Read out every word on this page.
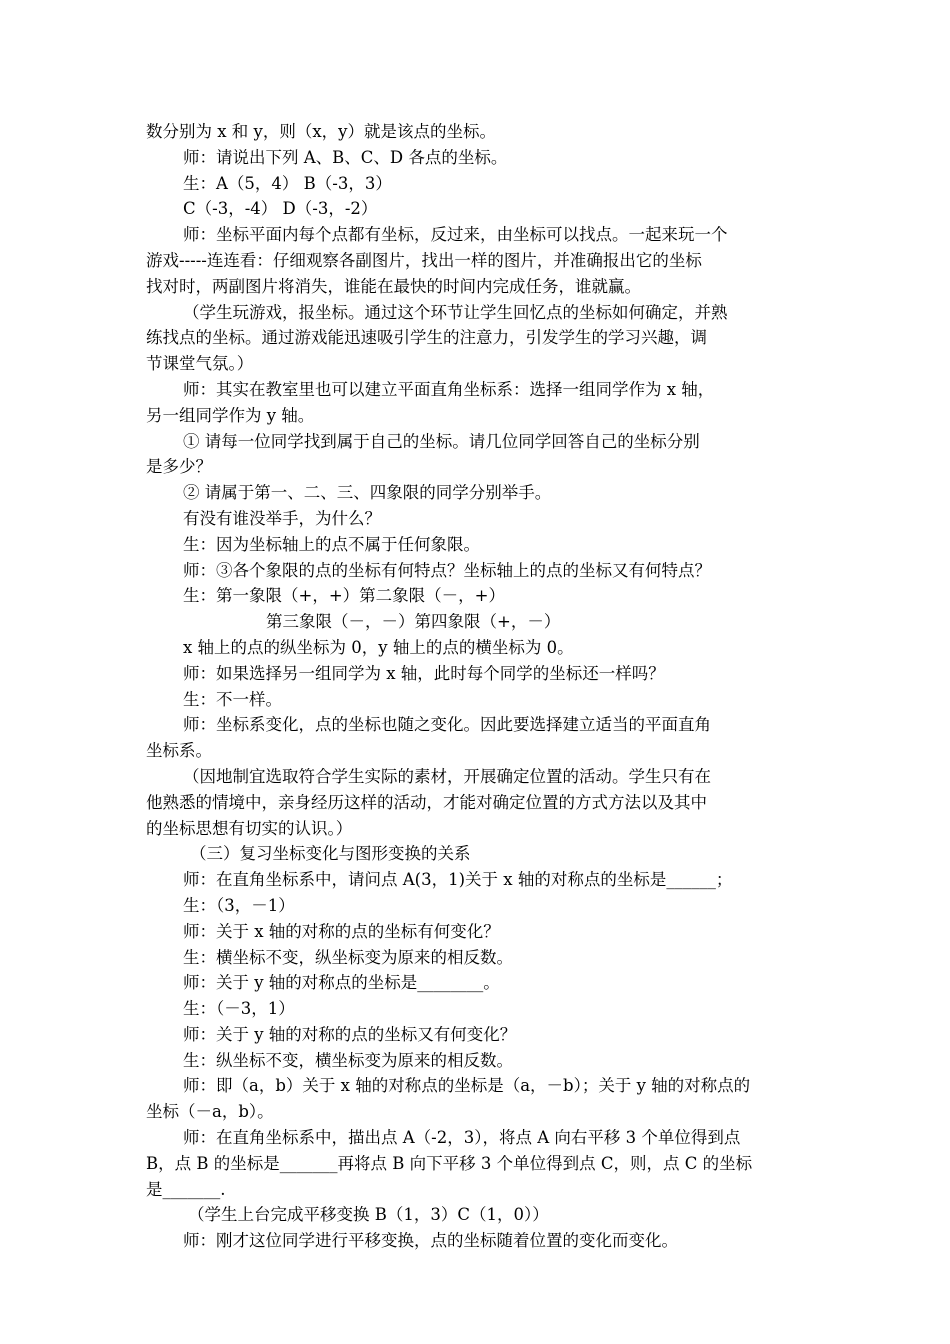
数分别为 x 和 y，则（x，y）就是该点的坐标。
师：请说出下列 A、B、C、D 各点的坐标。
生：A（5，4） B（-3，3）
C（-3，-4） D（-3，-2）
师：坐标平面内每个点都有坐标，反过来，由坐标可以找点。一起来玩一个
游戏-----连连看：仔细观察各副图片，找出一样的图片，并准确报出它的坐标
找对时，两副图片将消失，谁能在最快的时间内完成任务，谁就赢。
（学生玩游戏，报坐标。通过这个环节让学生回忆点的坐标如何确定，并熟
练找点的坐标。通过游戏能迅速吸引学生的注意力，引发学生的学习兴趣，调
节课堂气氛。）
师：其实在教室里也可以建立平面直角坐标系：选择一组同学作为 x 轴，
另一组同学作为 y 轴。
① 请每一位同学找到属于自己的坐标。请几位同学回答自己的坐标分别
是多少？
② 请属于第一、二、三、四象限的同学分别举手。
有没有谁没举手，为什么？
生：因为坐标轴上的点不属于任何象限。
师：③各个象限的点的坐标有何特点？坐标轴上的点的坐标又有何特点？
生：第一象限（+，+）第二象限（－，+）
第三象限（－，－）第四象限（+，－）
x 轴上的点的纵坐标为 0，y 轴上的点的横坐标为 0。
师：如果选择另一组同学为 x 轴，此时每个同学的坐标还一样吗？
生：不一样。
师：坐标系变化，点的坐标也随之变化。因此要选择建立适当的平面直角
坐标系。
（因地制宜选取符合学生实际的素材，开展确定位置的活动。学生只有在
他熟悉的情境中，亲身经历这样的活动，才能对确定位置的方式方法以及其中
的坐标思想有切实的认识。）
（三）复习坐标变化与图形变换的关系
师：在直角坐标系中，请问点 A(3，1)关于 x 轴的对称点的坐标是______；
生：（3，－1）
师：关于 x 轴的对称的点的坐标有何变化？
生：横坐标不变，纵坐标变为原来的相反数。
师：关于 y 轴的对称点的坐标是________。
生：（－3，1）
师：关于 y 轴的对称的点的坐标又有何变化？
生：纵坐标不变，横坐标变为原来的相反数。
师：即（a，b）关于 x 轴的对称点的坐标是（a，－b）；关于 y 轴的对称点的
坐标（－a，b）。
师：在直角坐标系中，描出点 A（-2，3），将点 A 向右平移 3 个单位得到点
B，点 B 的坐标是_______再将点 B 向下平移 3 个单位得到点 C，则，点 C 的坐标
是_______.
（学生上台完成平移变换 B（1，3）C（1，0））
师：刚才这位同学进行平移变换，点的坐标随着位置的变化而变化。
